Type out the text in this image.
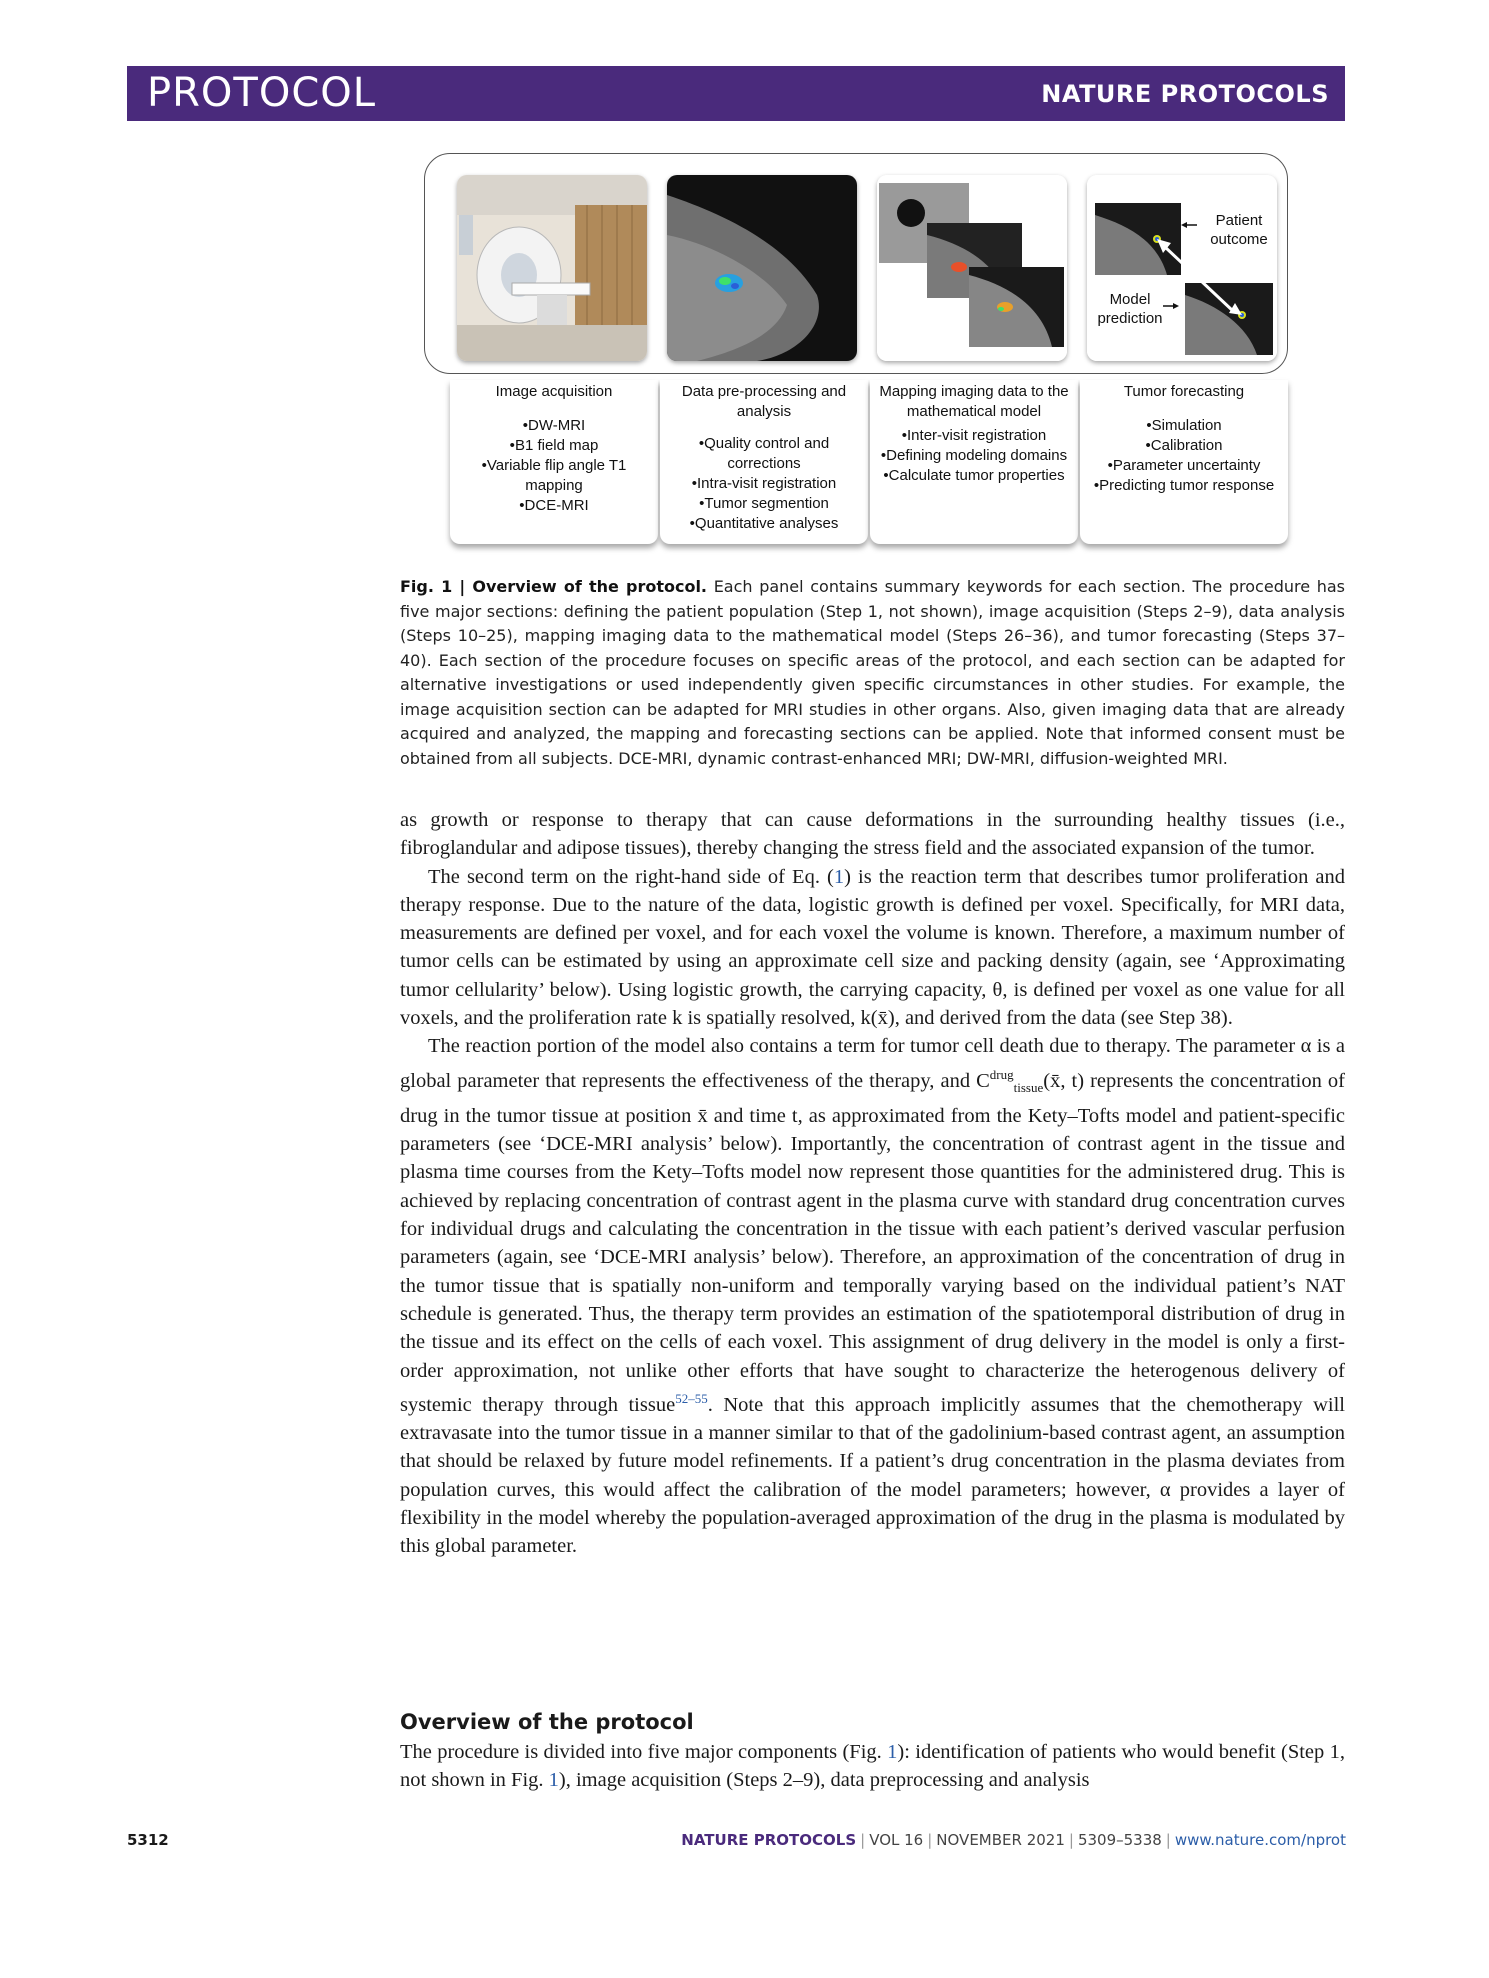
PROTOCOL	NATURE PROTOCOLS
Patient outcome
Model prediction
Image acquisition
• DW-MRI
• B1 field map
• Variable flip angle T1 mapping
• DCE-MRI
Data pre-processing and analysis
• Quality control and corrections
• Intra-visit registration
• Tumor segmention
• Quantitative analyses
Mapping imaging data to the mathematical model
• Inter-visit registration
• Defining modeling domains
• Calculate tumor properties
Tumor forecasting
• Simulation
• Calibration
• Parameter uncertainty
• Predicting tumor response
Fig. 1 | Overview of the protocol. Each panel contains summary keywords for each section. The procedure has five major sections: defining the patient population (Step 1, not shown), image acquisition (Steps 2–9), data analysis (Steps 10–25), mapping imaging data to the mathematical model (Steps 26–36), and tumor forecasting (Steps 37–40). Each section of the procedure focuses on specific areas of the protocol, and each section can be adapted for alternative investigations or used independently given specific circumstances in other studies. For example, the image acquisition section can be adapted for MRI studies in other organs. Also, given imaging data that are already acquired and analyzed, the mapping and forecasting sections can be applied. Note that informed consent must be obtained from all subjects. DCE-MRI, dynamic contrast-enhanced MRI; DW-MRI, diffusion-weighted MRI.

as growth or response to therapy that can cause deformations in the surrounding healthy tissues (i.e., fibroglandular and adipose tissues), thereby changing the stress field and the associated expansion of the tumor.

The second term on the right-hand side of Eq. (1) is the reaction term that describes tumor proliferation and therapy response. Due to the nature of the data, logistic growth is defined per voxel. Specifically, for MRI data, measurements are defined per voxel, and for each voxel the volume is known. Therefore, a maximum number of tumor cells can be estimated by using an approximate cell size and packing density (again, see ‘Approximating tumor cellularity’ below). Using logistic growth, the carrying capacity, θ, is defined per voxel as one value for all voxels, and the proliferation rate k is spatially resolved, k(x̄), and derived from the data (see Step 38).

The reaction portion of the model also contains a term for tumor cell death due to therapy. The parameter α is a global parameter that represents the effectiveness of the therapy, and $C^{drug}_{tissue}(x̄$, t) represents the concentration of drug in the tumor tissue at position x̄ and time t, as approximated from the Kety–Tofts model and patient-specific parameters (see ‘DCE-MRI analysis’ below). Importantly, the concentration of contrast agent in the tissue and plasma time courses from the Kety–Tofts model now represent those quantities for the administered drug. This is achieved by replacing concentration of contrast agent in the plasma curve with standard drug concentration curves for individual drugs and calculating the concentration in the tissue with each patient’s derived vascular perfusion parameters (again, see ‘DCE-MRI analysis’ below). Therefore, an approximation of the concentration of drug in the tumor tissue that is spatially non-uniform and temporally varying based on the individual patient’s NAT schedule is generated. Thus, the therapy term provides an estimation of the spatiotemporal distribution of drug in the tissue and its effect on the cells of each voxel. This assignment of drug delivery in the model is only a first-order approximation, not unlike other efforts that have sought to characterize the heterogenous delivery of systemic therapy through tissue$^{52-55}$. Note that this approach implicitly assumes that the chemotherapy will extravasate into the tumor tissue in a manner similar to that of the gadolinium-based contrast agent, an assumption that should be relaxed by future model refinements. If a patient’s drug concentration in the plasma deviates from population curves, this would affect the calibration of the model parameters; however, α provides a layer of flexibility in the model whereby the population-averaged approximation of the drug in the plasma is modulated by this global parameter.

Overview of the protocol

The procedure is divided into five major components (Fig. 1): identification of patients who would benefit (Step 1, not shown in Fig. 1), image acquisition (Steps 2–9), data preprocessing and analysis

5312	NATURE PROTOCOLS | VOL 16 | NOVEMBER 2021 | 5309–5338 | www.nature.com/nprot
